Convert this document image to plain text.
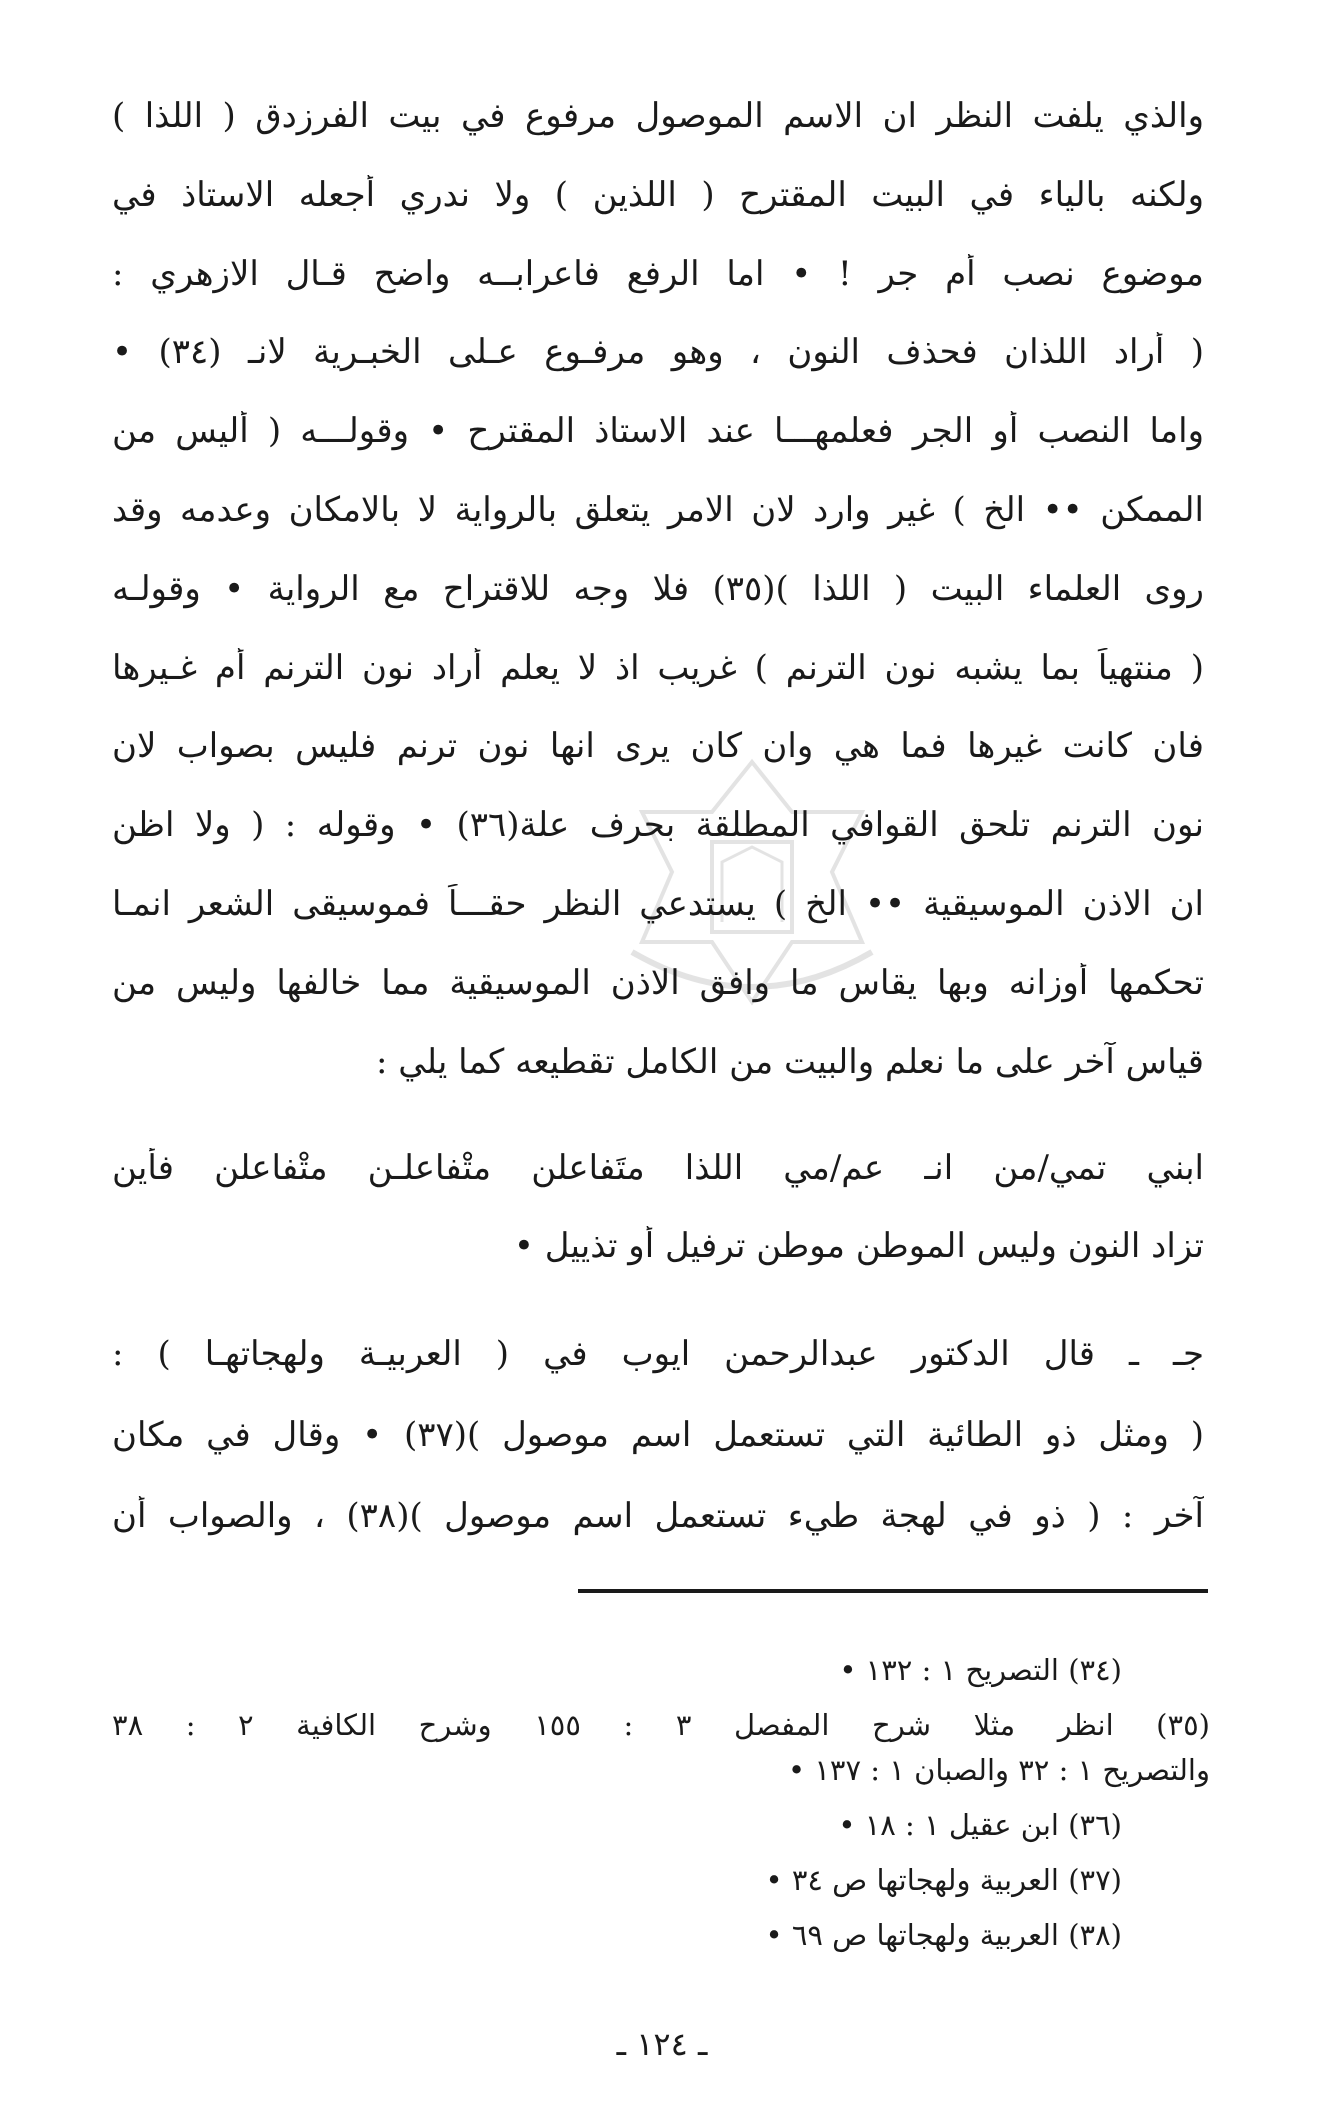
والذي يلفت النظر ان الاسم الموصول مرفوع في بيت الفرزدق ( اللذا )
ولكنه بالياء في البيت المقترح ( اللذين ) ولا ندري أجعله الاستاذ في
موضوع نصب أم جر ! • اما الرفع فاعرابــه واضح قـال الازهري :
( أراد اللذان فحذف النون ، وهو مرفـوع عـلى الخبـرية لانـ (٣٤) •
واما النصب أو الجر فعلمهـــا عند الاستاذ المقترح • وقولـــه ( أليس من
الممكن •• الخ ) غير وارد لان الامر يتعلق بالرواية لا بالامكان وعدمه وقد
روى العلماء البيت ( اللذا )(٣٥) فلا وجه للاقتراح مع الرواية • وقولـه
( منتهياً بما يشبه نون الترنم ) غريب اذ لا يعلم أراد نون الترنم أم غـيرها
فان كانت غيرها فما هي وان كان يرى انها نون ترنم فليس بصواب لان
نون الترنم تلحق القوافي المطلقة بحرف علة(٣٦) • وقوله : ( ولا اظن
ان الاذن الموسيقية •• الخ ) يستدعي النظر حقـــاً فموسيقى الشعر انمـا
تحكمها أوزانه وبها يقاس ما وافق الاذن الموسيقية مما خالفها وليس من
قياس آخر على ما نعلم والبيت من الكامل تقطيعه كما يلي :
ابني تمي/من انـ عم/مي اللذا متَفاعلن متْفاعلـن متْفاعلن فأين
تزاد النون وليس الموطن موطن ترفيل أو تذييل •
جـ ـ قال الدكتور عبدالرحمن ايوب في ( العربيـة ولهجاتهـا ) :
( ومثل ذو الطائية التي تستعمل اسم موصول )(٣٧) • وقال في مكان
آخر : ( ذو في لهجة طيء تستعمل اسم موصول )(٣٨) ، والصواب أن
(٣٤) التصريح ١ : ١٣٢ •
(٣٥) انظر مثلا شرح المفصل ٣ : ١٥٥ وشرح الكافية ٢ : ٣٨
والتصريح ١ : ٣٢ والصبان ١ : ١٣٧ •
(٣٦) ابن عقيل ١ : ١٨ •
(٣٧) العربية ولهجاتها ص ٣٤ •
(٣٨) العربية ولهجاتها ص ٦٩ •
ـ ١٢٤ ـ
